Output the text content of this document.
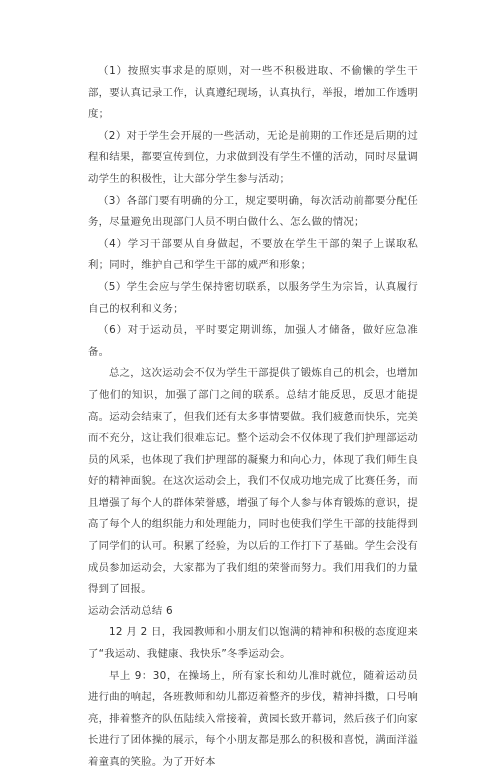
（1）按照实事求是的原则，对一些不积极进取、不偷懒的学生干部，要认真记录工作，认真遵纪现场，认真执行，举报，增加工作透明度；

（2）对于学生会开展的一些活动，无论是前期的工作还是后期的过程和结果，都要宣传到位，力求做到没有学生不懂的活动，同时尽量调动学生的积极性，让大部分学生参与活动；

（3）各部门要有明确的分工，规定要明确，每次活动前都要分配任务，尽量避免出现部门人员不明白做什么、怎么做的情况；

（4）学习干部要从自身做起，不要放在学生干部的架子上谋取私利；同时，维护自己和学生干部的威严和形象；

（5）学生会应与学生保持密切联系，以服务学生为宗旨，认真履行自己的权利和义务；

（6）对于运动员，平时要定期训练，加强人才储备，做好应急准备。

总之，这次运动会不仅为学生干部提供了锻炼自己的机会，也增加了他们的知识，加强了部门之间的联系。总结才能反思，反思才能提高。运动会结束了，但我们还有太多事情要做。我们疲惫而快乐，完美而不充分，这让我们很难忘记。整个运动会不仅体现了我们护理部运动员的风采，也体现了我们护理部的凝聚力和向心力，体现了我们师生良好的精神面貌。在这次运动会上，我们不仅成功地完成了比赛任务，而且增强了每个人的群体荣誉感，增强了每个人参与体育锻炼的意识，提高了每个人的组织能力和处理能力，同时也使我们学生干部的技能得到了同学们的认可。积累了经验，为以后的工作打下了基础。学生会没有成员参加运动会，大家都为了我们组的荣誉而努力。我们用我们的力量得到了回报。

运动会活动总结 6

12 月 2 日，我园教师和小朋友们以饱满的精神和积极的态度迎来了“我运动、我健康、我快乐”冬季运动会。

早上 9：30，在操场上，所有家长和幼儿准时就位，随着运动员进行曲的响起，各班教师和幼儿都迈着整齐的步伐，精神抖擞，口号响亮，排着整齐的队伍陆续入常接着，黄园长致开幕词，然后孩子们向家长进行了团体操的展示，每个小朋友都是那么的积极和喜悦，满面洋溢着童真的笑脸。为了开好本
